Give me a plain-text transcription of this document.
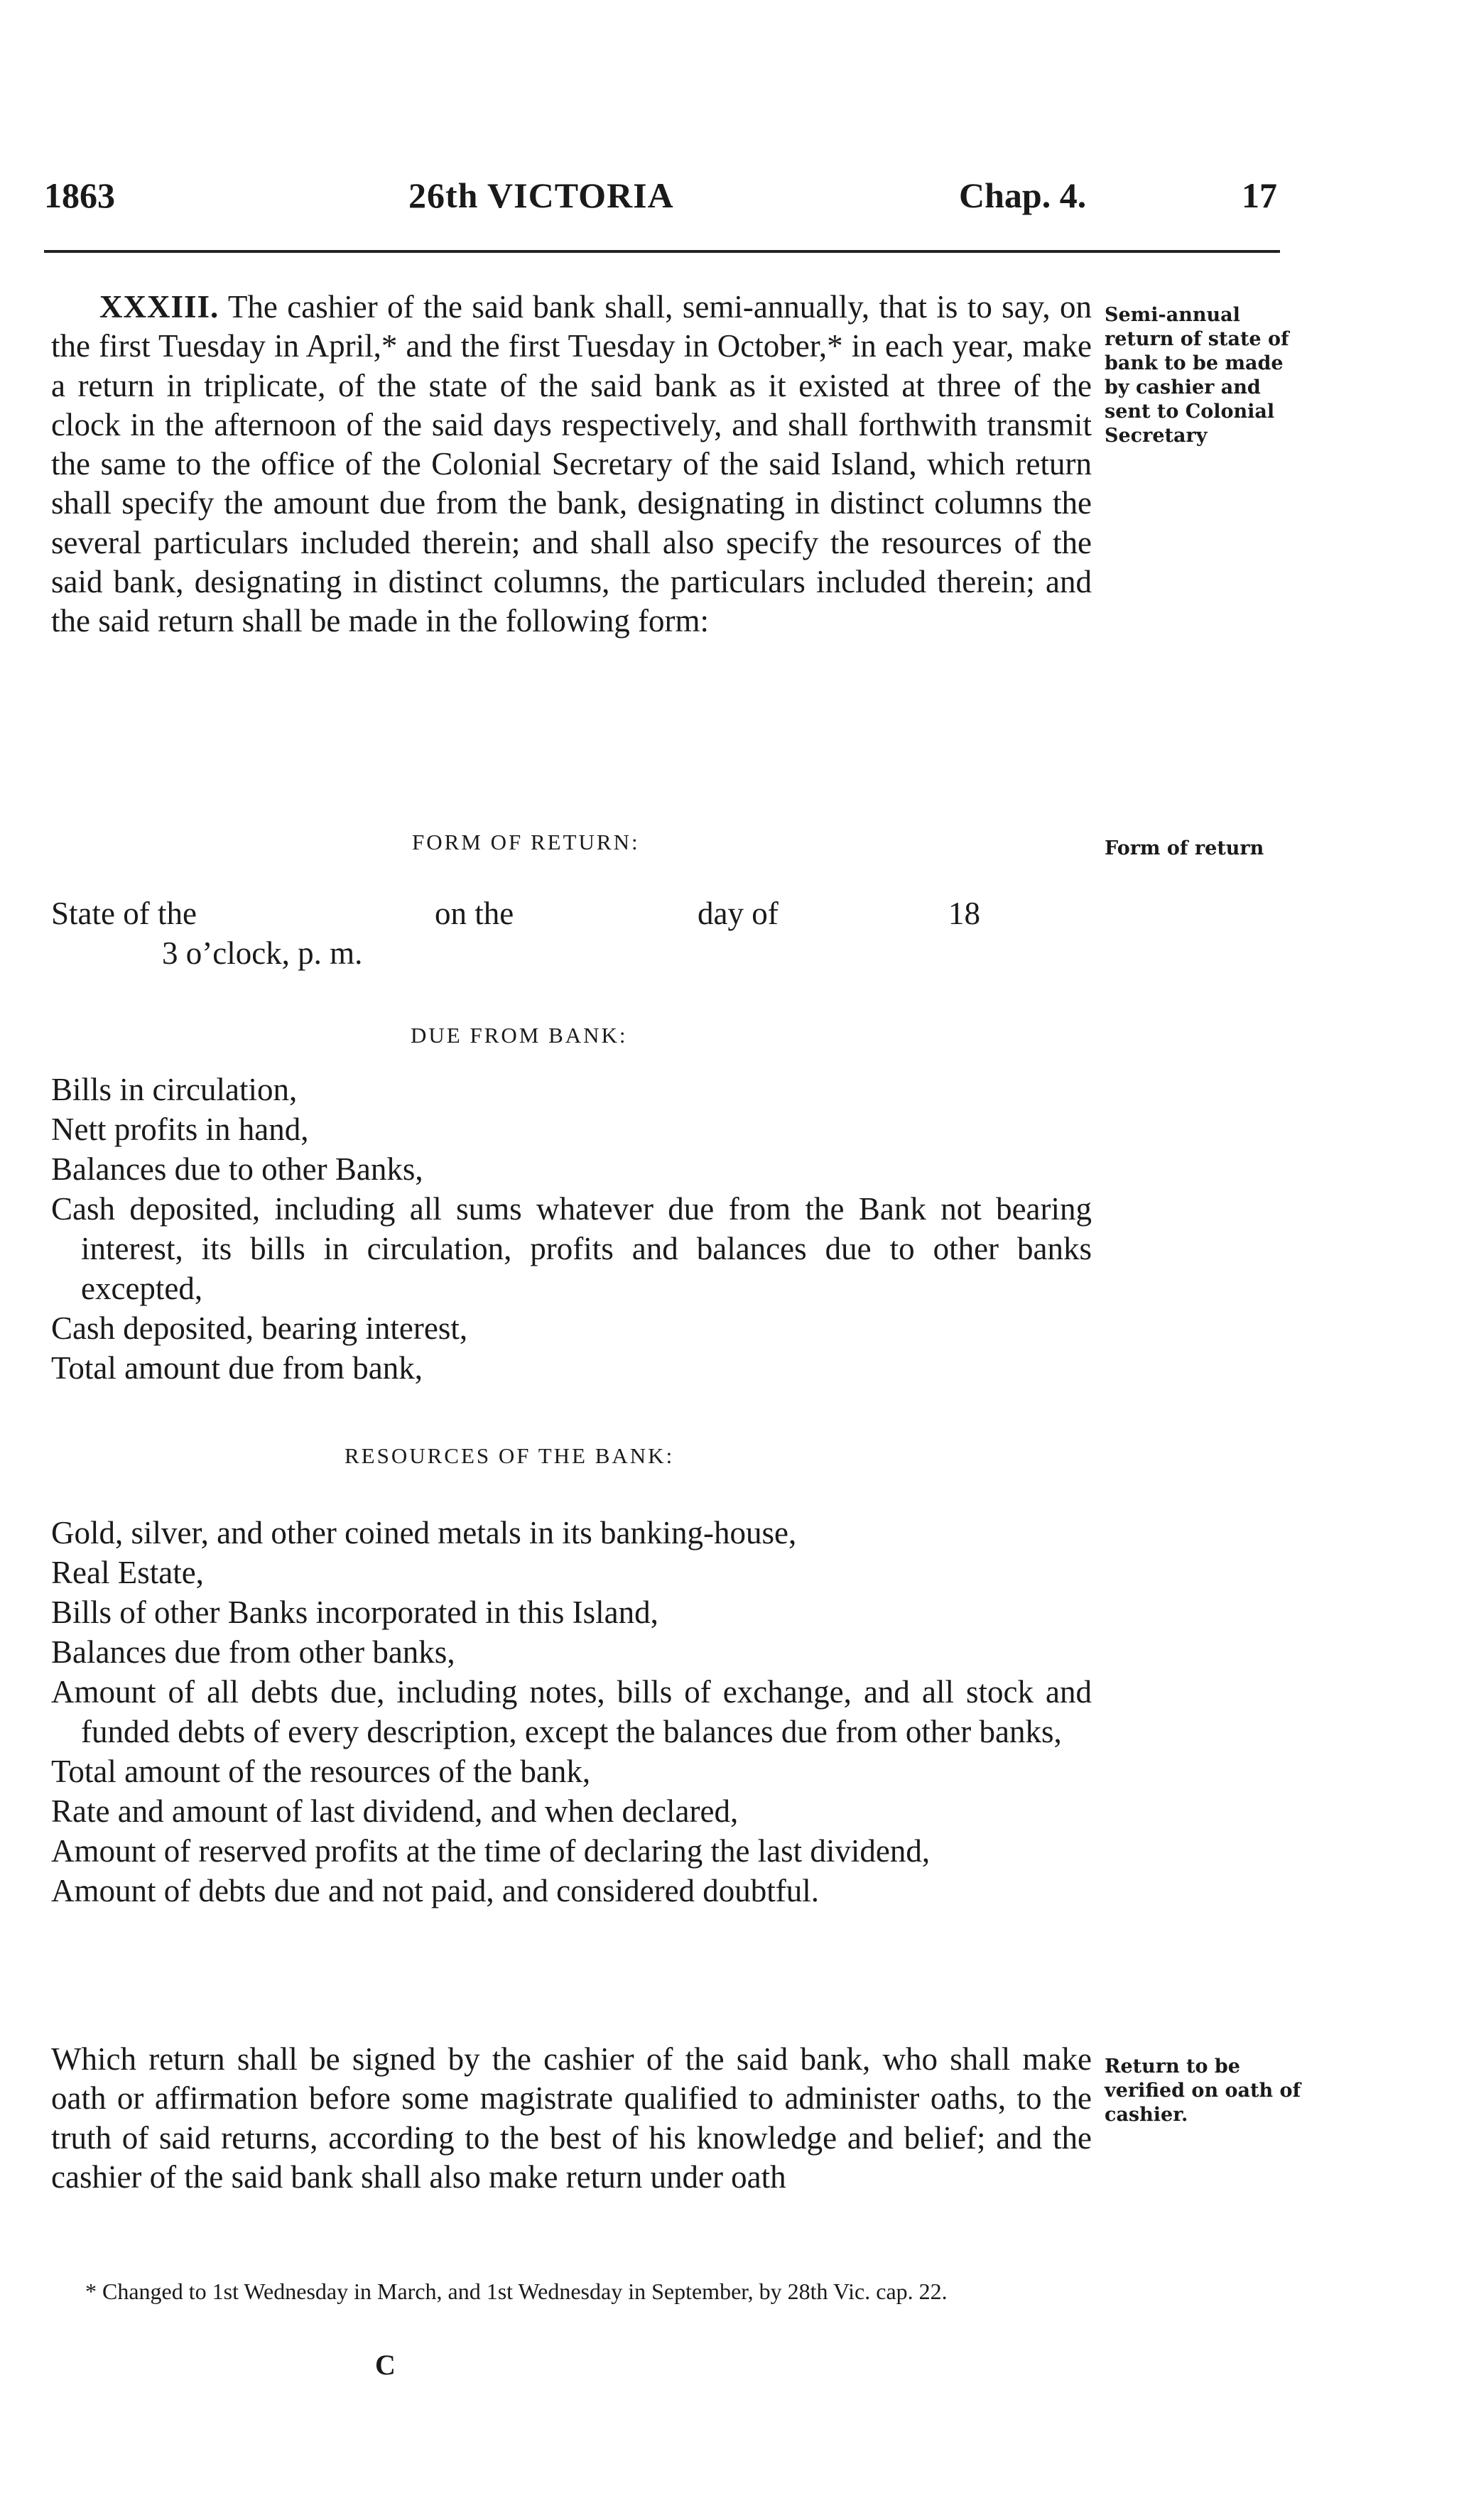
1863	26th VICTORIA	Chap. 4.	17

XXXIII. The cashier of the said bank shall, semi-annually, that is to say, on the first Tuesday in April,* and the first Tuesday in October,* in each year, make a return in triplicate, of the state of the said bank as it existed at three of the clock in the afternoon of the said days respectively, and shall forthwith transmit the same to the office of the Colonial Secretary of the said Island, which return shall specify the amount due from the bank, designating in distinct columns the several particulars included therein; and shall also specify the resources of the said bank, designating in distinct columns, the particulars included therein; and the said return shall be made in the following form:

Semi-annual return of state of bank to be made by cashier and sent to Colonial Secretary
FORM OF RETURN:	Form of return
State of the	on the	day of	18
3 o’clock, p. m.
DUE FROM BANK:
Bills in circulation,
Nett profits in hand,
Balances due to other Banks,
Cash deposited, including all sums whatever due from the Bank not bearing interest, its bills in circulation, profits and balances due to other banks excepted,
Cash deposited, bearing interest,
Total amount due from bank,
RESOURCES OF THE BANK:
Gold, silver, and other coined metals in its banking-house,
Real Estate,
Bills of other Banks incorporated in this Island,
Balances due from other banks,
Amount of all debts due, including notes, bills of exchange, and all stock and funded debts of every description, except the balances due from other banks,
Total amount of the resources of the bank,
Rate and amount of last dividend, and when declared,
Amount of reserved profits at the time of declaring the last dividend,
Amount of debts due and not paid, and considered doubtful.

Which return shall be signed by the cashier of the said bank, who shall make oath or affirmation before some magistrate qualified to administer oaths, to the truth of said returns, according to the best of his knowledge and belief; and the cashier of the said bank shall also make return under oath

Return to be verified on oath of cashier.

* Changed to 1st Wednesday in March, and 1st Wednesday in September, by 28th Vic. cap. 22.

C
